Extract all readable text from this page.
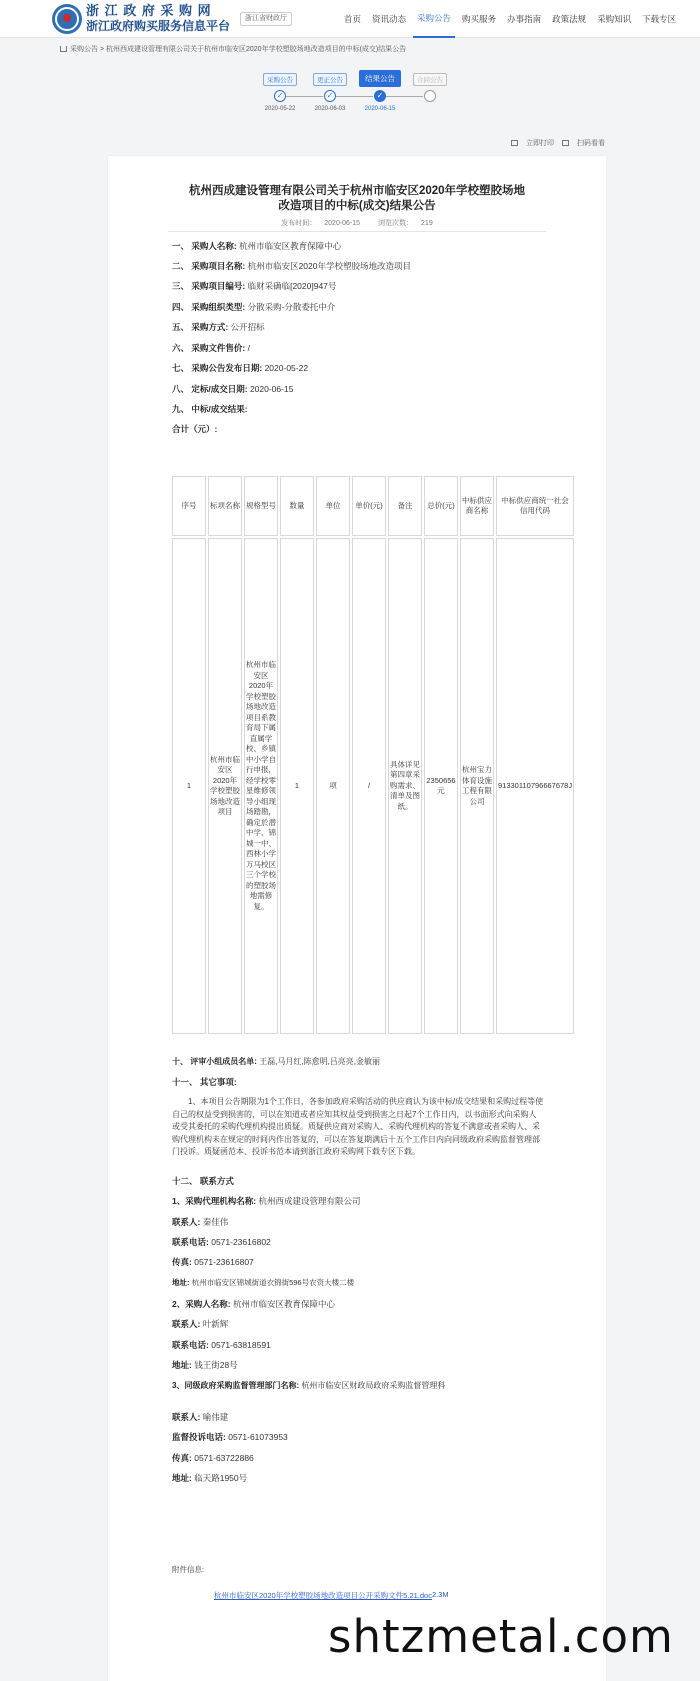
浙 江 政 府 采 购 网
浙江政府购买服务信息平台
浙江省财政厅	首页	资讯动态	采购公告	购买服务	办事指南	政策法规	采购知识	下载专区
采购公告 > 杭州西成建设管理有限公司关于杭州市临安区2020年学校塑胶场地改造项目的中标(成交)结果公告
采购公告
✓
2020-05-22
更正公告
✓
2020-06-03
结果公告
✓
2020-06-15
合同公告
立即打印	扫码看看
杭州西成建设管理有限公司关于杭州市临安区2020年学校塑胶场地
改造项目的中标(成交)结果公告
发布时间： 2020-06-15	浏览次数： 219
一、 采购人名称: 杭州市临安区教育保障中心
二、 采购项目名称: 杭州市临安区2020年学校塑胶场地改造项目
三、 采购项目编号: 临财采确临[2020]947号
四、 采购组织类型: 分散采购-分散委托中介
五、 采购方式: 公开招标
六、 采购文件售价: /
七、 采购公告发布日期: 2020-05-22
八、 定标/成交日期: 2020-06-15
九、 中标/成交结果:
合计（元）:
序号	标项名称	规格型号	数量	单位	单价(元)	备注	总价(元)	中标供应商名称	中标供应商统一社会信用代码
1	杭州市临安区2020年学校塑胶场地改造项目	杭州市临安区2020年学校塑胶场地改造项目系教育局下属直属学校、乡镇中小学自行申报，经学校零星维修领导小组现场踏勘，确定於潜中学、锦城一中、西林小学万马校区三个学校的塑胶场地需修复。	1	项	/	具体详见第四章采购需求、清单及图纸。	2350656元	杭州宝力体育设施工程有限公司	91330110796667678J
十、 评审小组成员名单: 王磊,马月红,陈愈明,吕亮亮,金敏丽
十一、 其它事项:
1、本项目公告期限为1个工作日，各参加政府采购活动的供应商认为该中标/成交结果和采购过程等使自己的权益受到损害的，可以在知道或者应知其权益受到损害之日起7个工作日内，以书面形式向采购人或受其委托的采购代理机构提出质疑。质疑供应商对采购人、采购代理机构的答复不满意或者采购人、采购代理机构未在规定的时间内作出答复的，可以在答复期满后十五个工作日内向同级政府采购监督管理部门投诉。质疑函范本、投诉书范本请到浙江政府采购网下载专区下载。
十二、 联系方式
1、采购代理机构名称: 杭州西成建设管理有限公司
联系人: 秦佳伟
联系电话: 0571-23616802
传真: 0571-23616807
地址: 杭州市临安区锦城街道衣锦街596号农资大楼二楼
2、采购人名称: 杭州市临安区教育保障中心
联系人: 叶新辉
联系电话: 0571-63818591
地址: 钱王街28号
3、同级政府采购监督管理部门名称: 杭州市临安区财政局政府采购监督管理科
联系人: 喻伟建
监督投诉电话: 0571-61073953
传真: 0571-63722886
地址: 临天路1950号
附件信息:
杭州市临安区2020年学校塑胶场地改造项目公开采购文件5.21.doc 2.3M
shtzmetal.com
